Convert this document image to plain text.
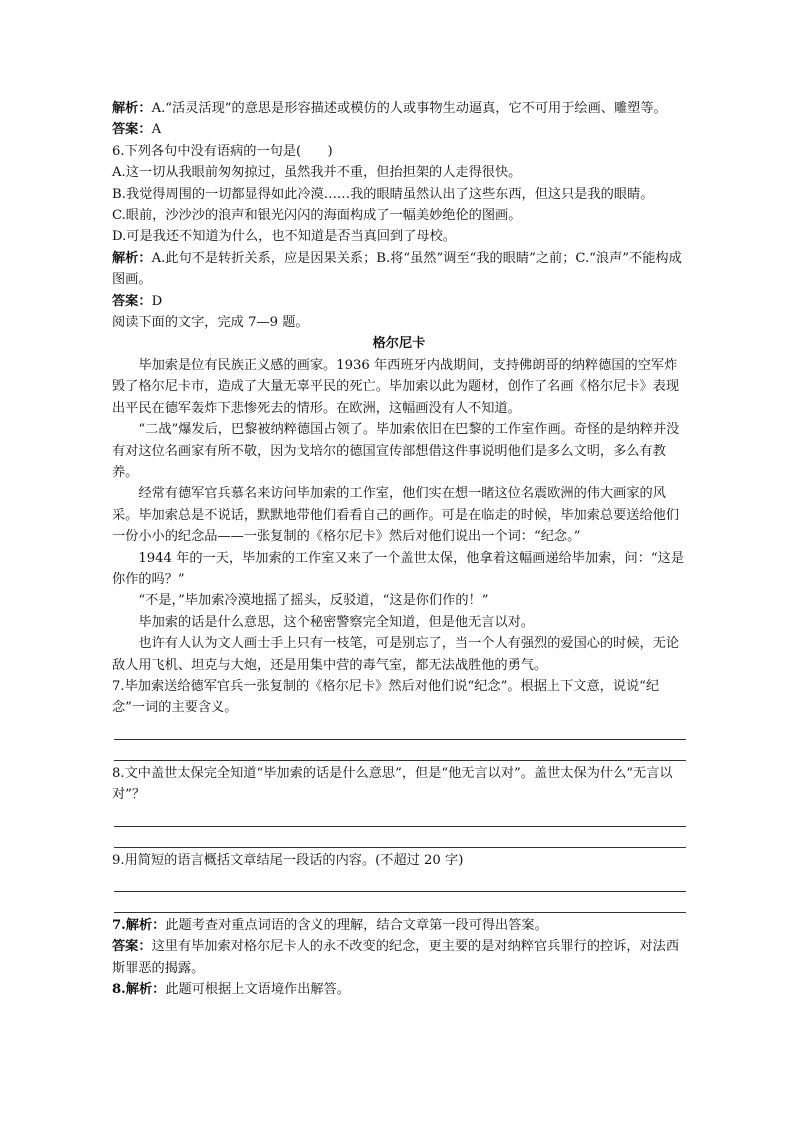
解析：A.“活灵活现”的意思是形容描述或模仿的人或事物生动逼真，它不可用于绘画、雕塑等。

答案：A

6.下列各句中没有语病的一句是(　　)

A.这一切从我眼前匆匆掠过，虽然我并不重，但抬担架的人走得很快。

B.我觉得周围的一切都显得如此冷漠……我的眼睛虽然认出了这些东西，但这只是我的眼睛。

C.眼前，沙沙沙的浪声和银光闪闪的海面构成了一幅美妙绝伦的图画。

D.可是我还不知道为什么，也不知道是否当真回到了母校。

解析：A.此句不是转折关系，应是因果关系；B.将“虽然”调至“我的眼睛”之前；C.“浪声”不能构成图画。

答案：D

阅读下面的文字，完成 7—9 题。

格尔尼卡

毕加索是位有民族正义感的画家。1936 年西班牙内战期间，支持佛朗哥的纳粹德国的空军炸毁了格尔尼卡市，造成了大量无辜平民的死亡。毕加索以此为题材，创作了名画《格尔尼卡》表现出平民在德军轰炸下悲惨死去的情形。在欧洲，这幅画没有人不知道。

“二战”爆发后，巴黎被纳粹德国占领了。毕加索依旧在巴黎的工作室作画。奇怪的是纳粹并没有对这位名画家有所不敬，因为戈培尔的德国宣传部想借这件事说明他们是多么文明，多么有教养。

经常有德军官兵慕名来访问毕加索的工作室，他们实在想一睹这位名震欧洲的伟大画家的风采。毕加索总是不说话，默默地带他们看看自己的画作。可是在临走的时候，毕加索总要送给他们一份小小的纪念品——一张复制的《格尔尼卡》然后对他们说出一个词：“纪念。”

1944 年的一天，毕加索的工作室又来了一个盖世太保，他拿着这幅画递给毕加索，问：“这是你作的吗？”

“不是，”毕加索冷漠地摇了摇头，反驳道，“这是你们作的！”

毕加索的话是什么意思，这个秘密警察完全知道，但是他无言以对。

也许有人认为文人画士手上只有一枝笔，可是别忘了，当一个人有强烈的爱国心的时候，无论敌人用飞机、坦克与大炮，还是用集中营的毒气室，都无法战胜他的勇气。

7.毕加索送给德军官兵一张复制的《格尔尼卡》然后对他们说“纪念”。根据上下文意，说说“纪念”一词的主要含义。

8.文中盖世太保完全知道“毕加索的话是什么意思”，但是“他无言以对”。盖世太保为什么“无言以对”？

9.用简短的语言概括文章结尾一段话的内容。(不超过 20 字)

7.解析：此题考查对重点词语的含义的理解，结合文章第一段可得出答案。

答案：这里有毕加索对格尔尼卡人的永不改变的纪念，更主要的是对纳粹官兵罪行的控诉，对法西斯罪恶的揭露。

8.解析：此题可根据上文语境作出解答。
